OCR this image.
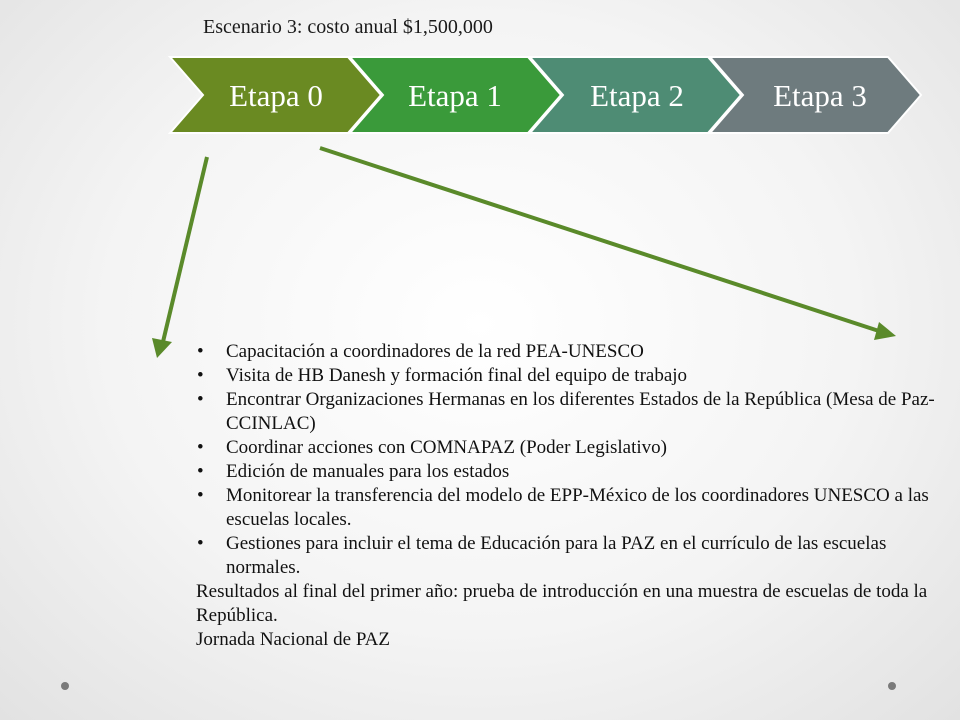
Escenario 3: costo anual $1,500,000
Etapa 0	Etapa 1	Etapa 2	Etapa 3
• Capacitación a coordinadores de la red PEA-UNESCO
• Visita de HB Danesh y formación final del equipo de trabajo
• Encontrar Organizaciones Hermanas en los diferentes Estados de la República (Mesa de Paz-CCINLAC)
• Coordinar acciones con COMNAPAZ (Poder Legislativo)
• Edición de manuales para los estados
• Monitorear la transferencia del modelo de EPP-México de los coordinadores UNESCO a las escuelas locales.
• Gestiones para incluir el tema de Educación para la PAZ en el currículo de las escuelas normales.

Resultados al final del primer año: prueba de introducción en una muestra de escuelas de toda la República.

Jornada Nacional de PAZ
